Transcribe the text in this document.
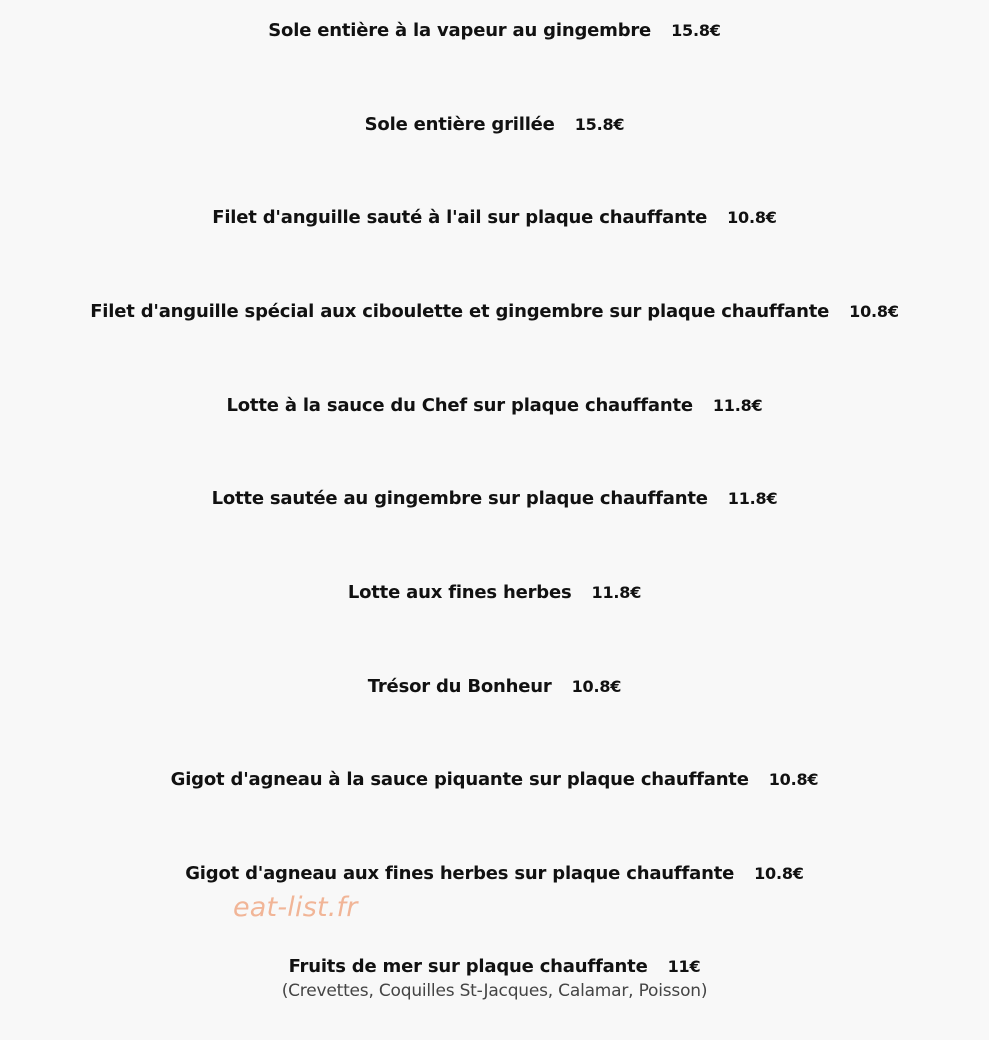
Sole entière à la vapeur au gingembre 15.8€
Sole entière grillée 15.8€
Filet d'anguille sauté à l'ail sur plaque chauffante 10.8€
Filet d'anguille spécial aux ciboulette et gingembre sur plaque chauffante 10.8€
Lotte à la sauce du Chef sur plaque chauffante 11.8€
Lotte sautée au gingembre sur plaque chauffante 11.8€
Lotte aux fines herbes 11.8€
Trésor du Bonheur 10.8€
Gigot d'agneau à la sauce piquante sur plaque chauffante 10.8€
Gigot d'agneau aux fines herbes sur plaque chauffante 10.8€
eat-list.fr
Fruits de mer sur plaque chauffante 11€
(Crevettes, Coquilles St-Jacques, Calamar, Poisson)
